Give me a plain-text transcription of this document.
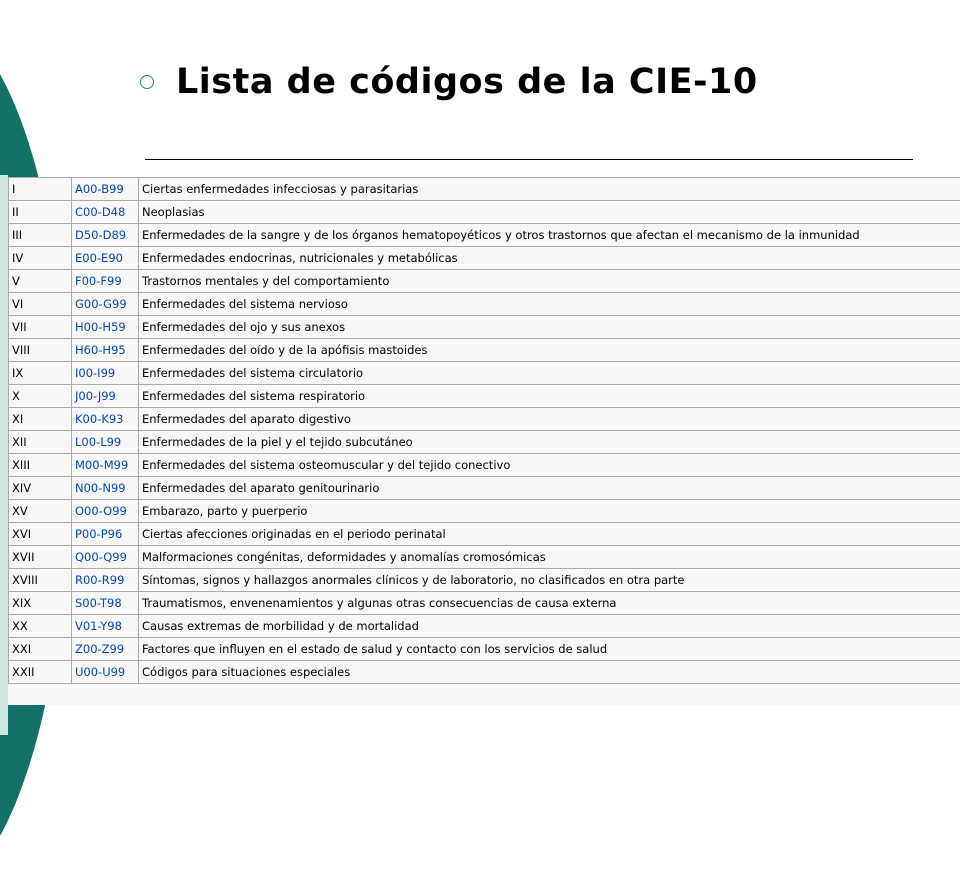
Lista de códigos de la CIE-10
I	A00-B99	Ciertas enfermedades infecciosas y parasitarias
II	C00-D48	Neoplasias
III	D50-D89	Enfermedades de la sangre y de los órganos hematopoyéticos y otros trastornos que afectan el mecanismo de la inmunidad
IV	E00-E90	Enfermedades endocrinas, nutricionales y metabólicas
V	F00-F99	Trastornos mentales y del comportamiento
VI	G00-G99	Enfermedades del sistema nervioso
VII	H00-H59	Enfermedades del ojo y sus anexos
VIII	H60-H95	Enfermedades del oído y de la apófisis mastoides
IX	I00-I99	Enfermedades del sistema circulatorio
X	J00-J99	Enfermedades del sistema respiratorio
XI	K00-K93	Enfermedades del aparato digestivo
XII	L00-L99	Enfermedades de la piel y el tejido subcutáneo
XIII	M00-M99	Enfermedades del sistema osteomuscular y del tejido conectivo
XIV	N00-N99	Enfermedades del aparato genitourinario
XV	O00-O99	Embarazo, parto y puerperio
XVI	P00-P96	Ciertas afecciones originadas en el periodo perinatal
XVII	Q00-Q99	Malformaciones congénitas, deformidades y anomalías cromosómicas
XVIII	R00-R99	Síntomas, signos y hallazgos anormales clínicos y de laboratorio, no clasificados en otra parte
XIX	S00-T98	Traumatismos, envenenamientos y algunas otras consecuencias de causa externa
XX	V01-Y98	Causas extremas de morbilidad y de mortalidad
XXI	Z00-Z99	Factores que influyen en el estado de salud y contacto con los servicios de salud
XXII	U00-U99	Códigos para situaciones especiales
